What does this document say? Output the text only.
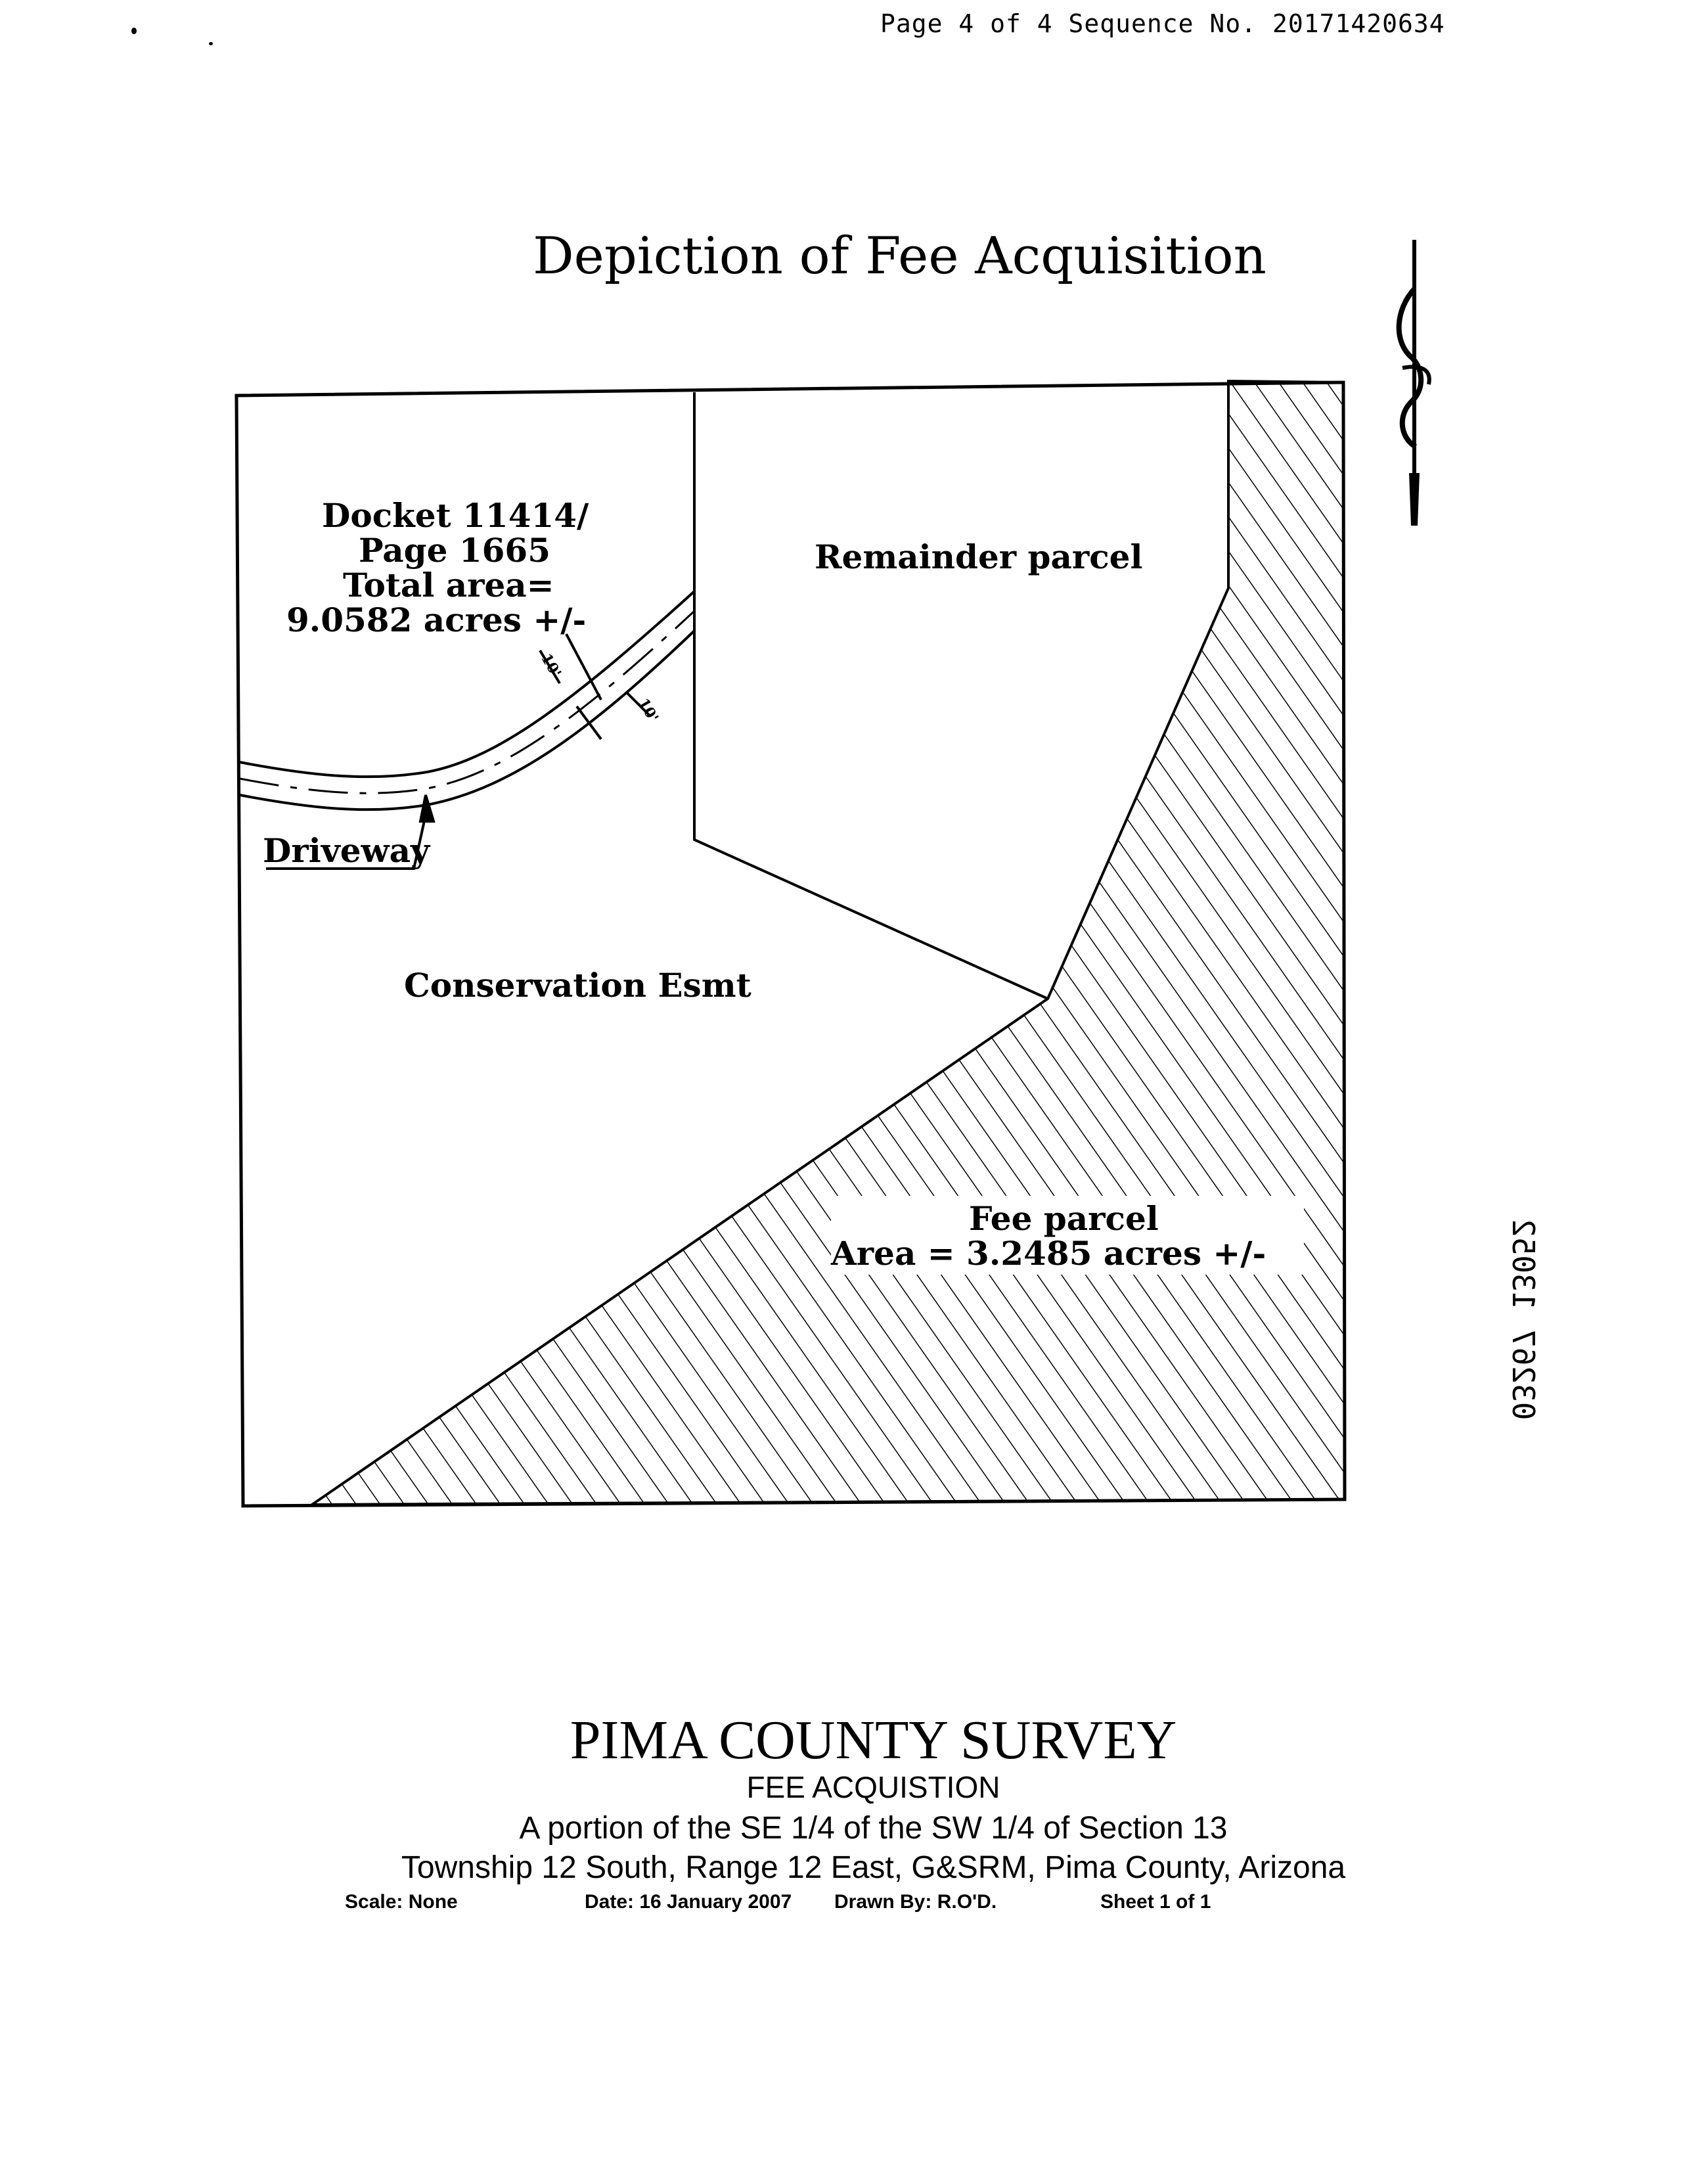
Page 4 of 4 Sequence No. 20171420634
Depiction of Fee Acquisition
Docket 11414/
Page 1665
Total area=
9.0582 acres +/-
Remainder parcel
Driveway
Conservation Esmt
Fee parcel
Area = 3.2485 acres +/-
10'
10'
13052
03267
PIMA COUNTY SURVEY
FEE ACQUISTION
A portion of the SE 1/4 of the SW 1/4 of Section 13
Township 12 South, Range 12 East, G&SRM, Pima County, Arizona
Scale: None	Date: 16 January 2007 Drawn By: R.O'D.	Sheet 1 of 1
